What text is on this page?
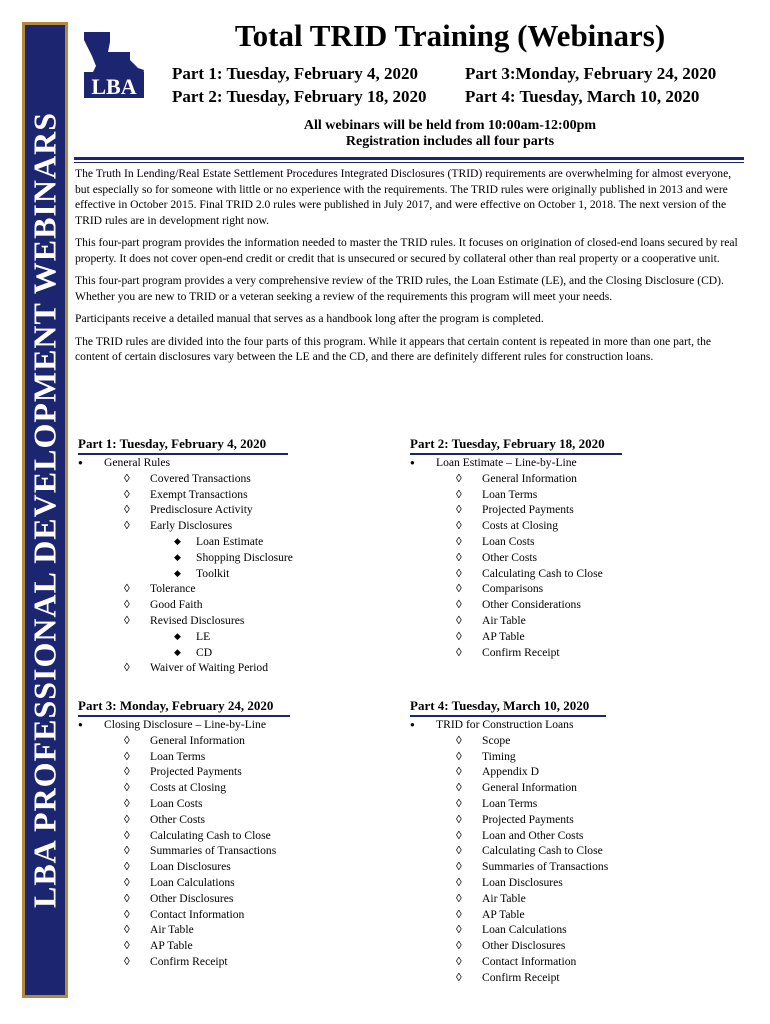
LBA PROFESSIONAL DEVELOPMENT WEBINARS
LBA
Total TRID Training (Webinars)
Part 1: Tuesday, February 4, 2020
Part 2: Tuesday, February 18, 2020
Part 3:Monday, February 24, 2020
Part 4: Tuesday, March 10, 2020
All webinars will be held from 10:00am-12:00pm
Registration includes all four parts

The Truth In Lending/Real Estate Settlement Procedures Integrated Disclosures (TRID) requirements are overwhelming for almost everyone, but especially so for someone with little or no experience with the requirements. The TRID rules were originally published in 2013 and were effective in October 2015. Final TRID 2.0 rules were published in July 2017, and were effective on October 1, 2018. The next version of the TRID rules are in development right now.

This four-part program provides the information needed to master the TRID rules. It focuses on origination of closed-end loans secured by real property. It does not cover open-end credit or credit that is unsecured or secured by collateral other than real property or a cooperative unit.

This four-part program provides a very comprehensive review of the TRID rules, the Loan Estimate (LE), and the Closing Disclosure (CD). Whether you are new to TRID or a veteran seeking a review of the requirements this program will meet your needs.

Participants receive a detailed manual that serves as a handbook long after the program is completed.

The TRID rules are divided into the four parts of this program. While it appears that certain content is repeated in more than one part, the content of certain disclosures vary between the LE and the CD, and there are definitely different rules for construction loans.

Part 1: Tuesday, February 4, 2020
● General Rules
◊ Covered Transactions
◊ Exempt Transactions
◊ Predisclosure Activity
◊ Early Disclosures
◆ Loan Estimate
◆ Shopping Disclosure
◆ Toolkit
◊ Tolerance
◊ Good Faith
◊ Revised Disclosures
◆ LE
◆ CD
◊ Waiver of Waiting Period
Part 2: Tuesday, February 18, 2020
● Loan Estimate – Line-by-Line
◊ General Information
◊ Loan Terms
◊ Projected Payments
◊ Costs at Closing
◊ Loan Costs
◊ Other Costs
◊ Calculating Cash to Close
◊ Comparisons
◊ Other Considerations
◊ Air Table
◊ AP Table
◊ Confirm Receipt
Part 3: Monday, February 24, 2020
● Closing Disclosure – Line-by-Line
◊ General Information
◊ Loan Terms
◊ Projected Payments
◊ Costs at Closing
◊ Loan Costs
◊ Other Costs
◊ Calculating Cash to Close
◊ Summaries of Transactions
◊ Loan Disclosures
◊ Loan Calculations
◊ Other Disclosures
◊ Contact Information
◊ Air Table
◊ AP Table
◊ Confirm Receipt
Part 4: Tuesday, March 10, 2020
● TRID for Construction Loans
◊ Scope
◊ Timing
◊ Appendix D
◊ General Information
◊ Loan Terms
◊ Projected Payments
◊ Loan and Other Costs
◊ Calculating Cash to Close
◊ Summaries of Transactions
◊ Loan Disclosures
◊ Air Table
◊ AP Table
◊ Loan Calculations
◊ Other Disclosures
◊ Contact Information
◊ Confirm Receipt
